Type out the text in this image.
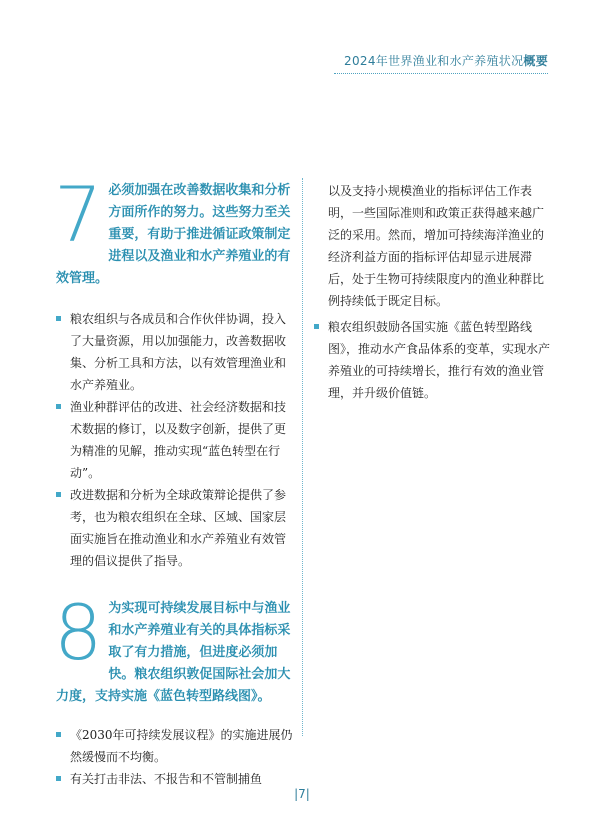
2024年世界渔业和水产养殖状况概要
7 必须加强在改善数据收集和分析方面所作的努力。这些努力至关重要，有助于推进循证政策制定进程以及渔业和水产养殖业的有效管理。
粮农组织与各成员和合作伙伴协调，投入了大量资源，用以加强能力，改善数据收集、分析工具和方法，以有效管理渔业和水产养殖业。
渔业种群评估的改进、社会经济数据和技术数据的修订，以及数字创新，提供了更为精准的见解，推动实现“蓝色转型在行动”。
改进数据和分析为全球政策辩论提供了参考，也为粮农组织在全球、区域、国家层面实施旨在推动渔业和水产养殖业有效管理的倡议提供了指导。
8 为实现可持续发展目标中与渔业和水产养殖业有关的具体指标采取了有力措施，但进度必须加快。粮农组织敦促国际社会加大力度，支持实施《蓝色转型路线图》。
《2030年可持续发展议程》的实施进展仍然缓慢而不均衡。
有关打击非法、不报告和不管制捕鱼
以及支持小规模渔业的指标评估工作表明，一些国际准则和政策正获得越来越广泛的采用。然而，增加可持续海洋渔业的经济利益方面的指标评估却显示进展滞后，处于生物可持续限度内的渔业种群比例持续低于既定目标。
粮农组织鼓励各国实施《蓝色转型路线图》，推动水产食品体系的变革，实现水产养殖业的可持续增长，推行有效的渔业管理，并升级价值链。
|7|
